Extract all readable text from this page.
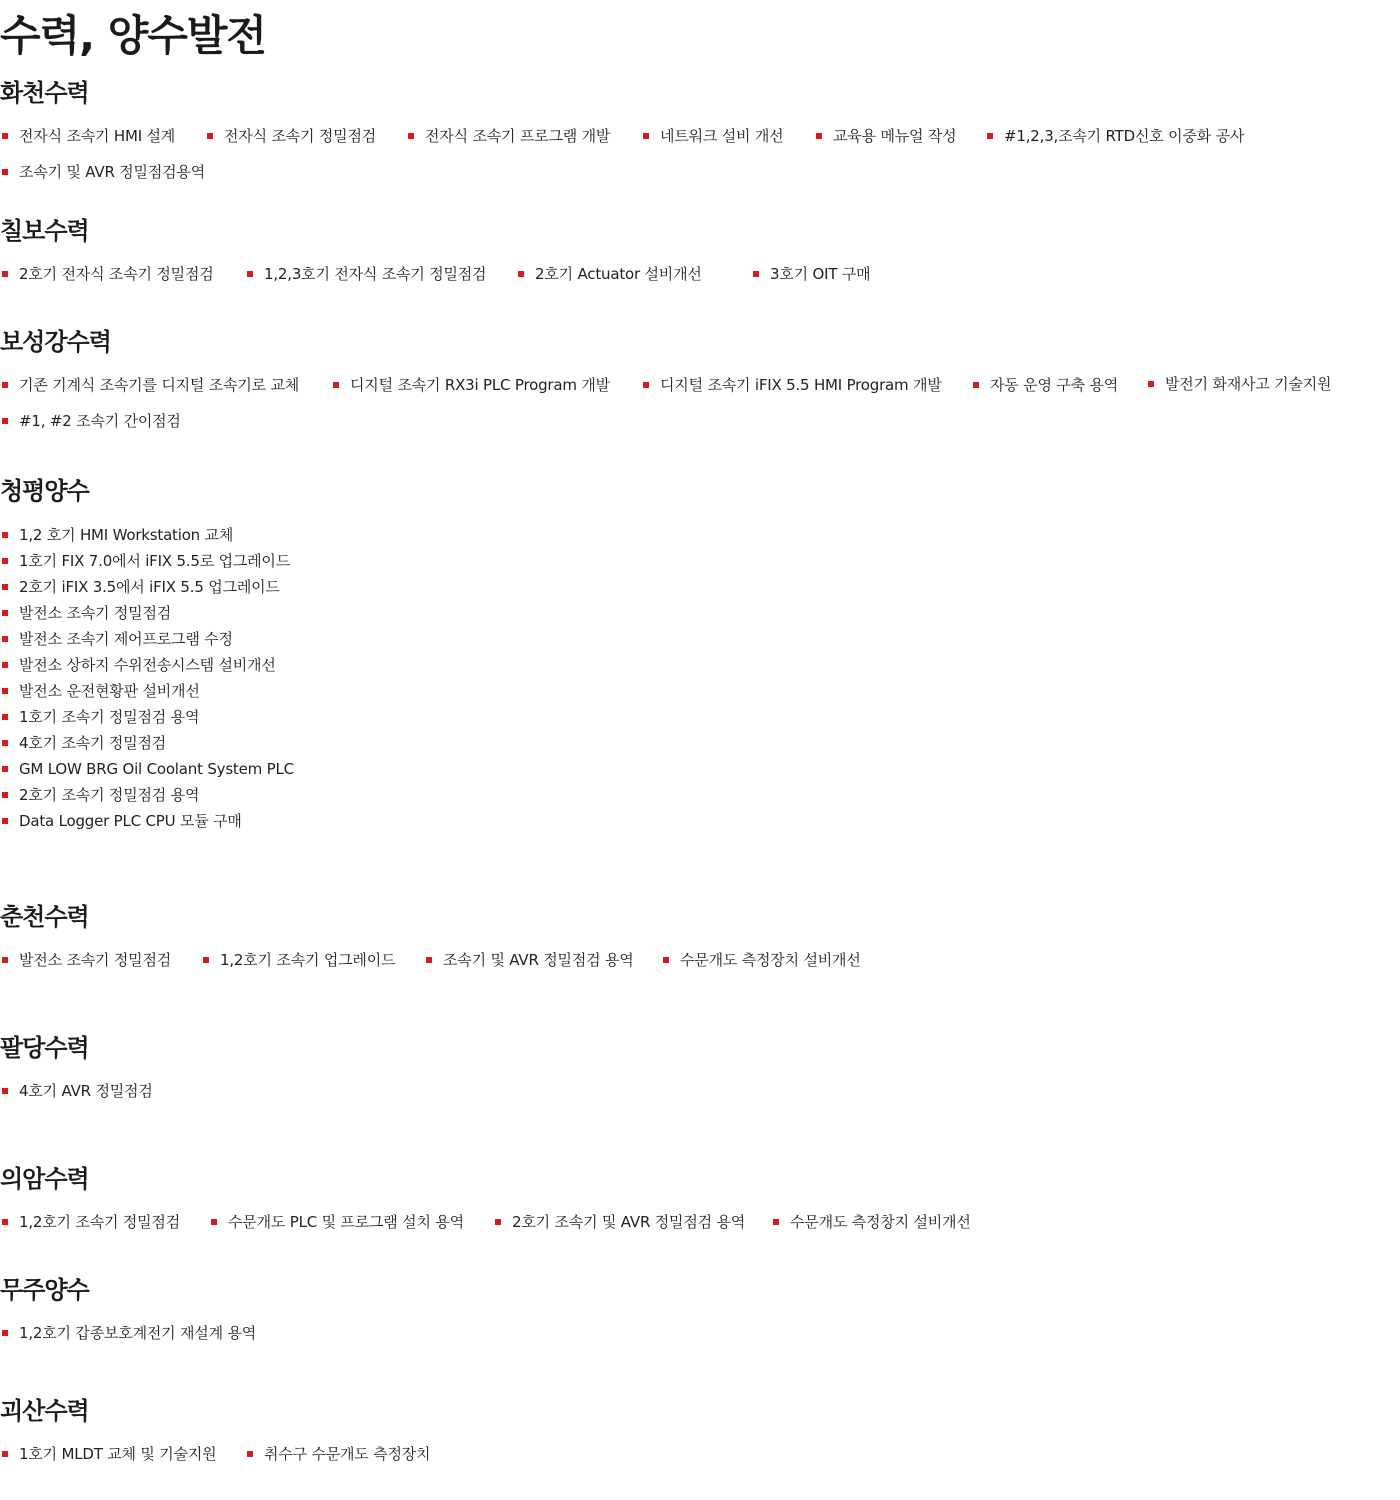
수력, 양수발전
화천수력
전자식 조속기 HMI 설계	전자식 조속기 정밀점검	전자식 조속기 프로그램 개발	네트워크 설비 개선	교육용 메뉴얼 작성	#1,2,3,조속기 RTD신호 이중화 공사
조속기 및 AVR 정밀점검용역
칠보수력
2호기 전자식 조속기 정밀점검	1,2,3호기 전자식 조속기 정밀점검	2호기 Actuator 설비개선	3호기 OIT 구매
보성강수력
기존 기계식 조속기를 디지털 조속기로 교체	디지털 조속기 RX3i PLC Program 개발	디지털 조속기 iFIX 5.5 HMI Program 개발	자동 운영 구축 용역	발전기 화재사고 기술지원
#1, #2 조속기 간이점검
청평양수
1,2 호기 HMI Workstation 교체
1호기 FIX 7.0에서 iFIX 5.5로 업그레이드
2호기 iFIX 3.5에서 iFIX 5.5 업그레이드
발전소 조속기 정밀점검
발전소 조속기 제어프로그램 수정
발전소 상하지 수위전송시스템 설비개선
발전소 운전현황판 설비개선
1호기 조속기 정밀점검 용역
4호기 조속기 정밀점검
GM LOW BRG Oil Coolant System PLC
2호기 조속기 정밀점검 용역
Data Logger PLC CPU 모듈 구매
춘천수력
발전소 조속기 정밀점검	1,2호기 조속기 업그레이드	조속기 및 AVR 정밀점검 용역	수문개도 측정장치 설비개선
팔당수력
4호기 AVR 정밀점검
의암수력
1,2호기 조속기 정밀점검	수문개도 PLC 및 프로그램 설치 용역	2호기 조속기 및 AVR 정밀점검 용역	수문개도 측정창지 설비개선
무주양수
1,2호기 갑종보호계전기 재설계 용역
괴산수력
1호기 MLDT 교체 및 기술지원	취수구 수문개도 측정장치
